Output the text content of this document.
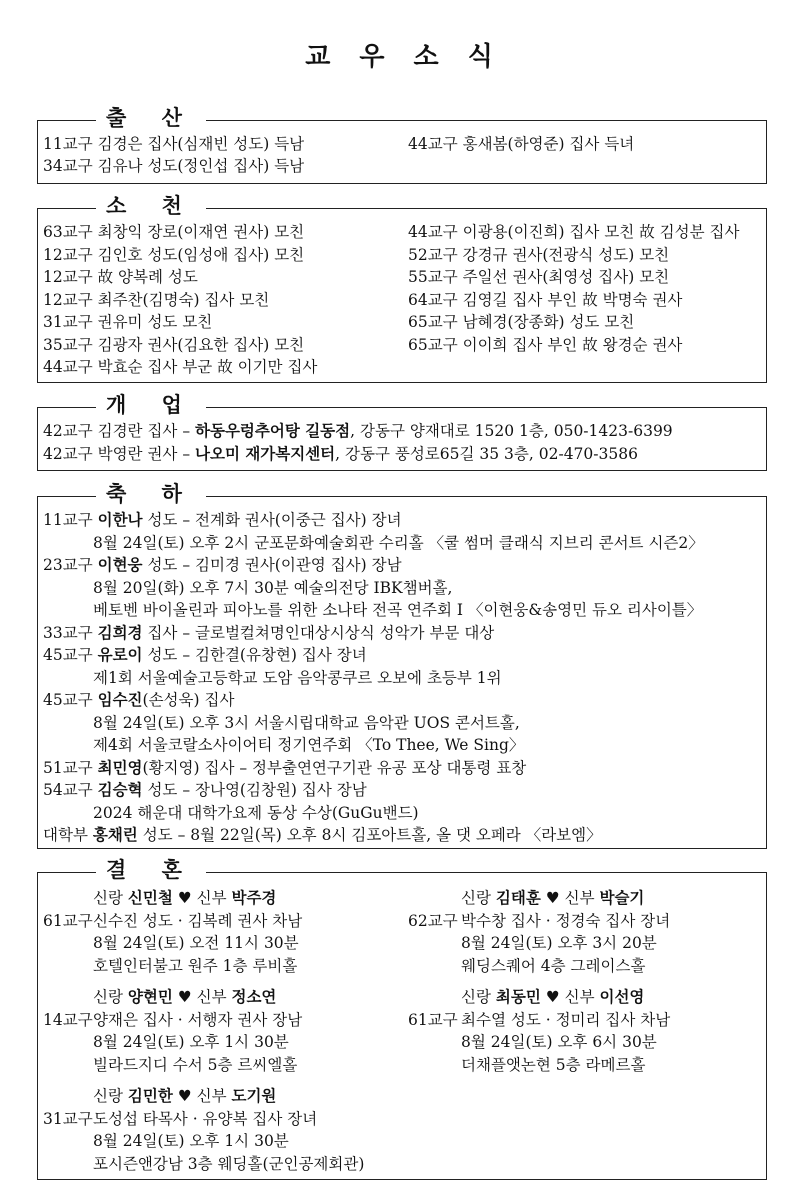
교 우 소 식
출 산
11교구 김경은 집사(심재빈 성도) 득남
34교구 김유나 성도(정인섭 집사) 득남
44교구 홍새봄(하영준) 집사 득녀
소 천
63교구 최창익 장로(이재연 권사) 모친
12교구 김인호 성도(임성애 집사) 모친
12교구 故 양복례 성도
12교구 최주찬(김명숙) 집사 모친
31교구 권유미 성도 모친
35교구 김광자 권사(김요한 집사) 모친
44교구 박효순 집사 부군 故 이기만 집사
44교구 이광용(이진희) 집사 모친 故 김성분 집사
52교구 강경규 권사(전광식 성도) 모친
55교구 주일선 권사(최영성 집사) 모친
64교구 김영길 집사 부인 故 박명숙 권사
65교구 남혜경(장종화) 성도 모친
65교구 이이희 집사 부인 故 왕경순 권사
개 업
42교구 김경란 집사 – 하동우렁추어탕 길동점, 강동구 양재대로 1520 1층, 050-1423-6399
42교구 박영란 권사 – 나오미 재가복지센터, 강동구 풍성로65길 35 3층, 02-470-3586
축 하
11교구 이한나 성도 – 전계화 권사(이중근 집사) 장녀
8월 24일(토) 오후 2시 군포문화예술회관 수리홀 〈쿨 썸머 클래식 지브리 콘서트 시즌2〉
23교구 이현웅 성도 – 김미경 권사(이관영 집사) 장남
8월 20일(화) 오후 7시 30분 예술의전당 IBK챔버홀,
베토벤 바이올린과 피아노를 위한 소나타 전곡 연주회 I 〈이현웅&송영민 듀오 리사이틀〉
33교구 김희경 집사 – 글로벌컬쳐명인대상시상식 성악가 부문 대상
45교구 유로이 성도 – 김한결(유창현) 집사 장녀
제1회 서울예술고등학교 도암 음악콩쿠르 오보에 초등부 1위
45교구 임수진(손성욱) 집사
8월 24일(토) 오후 3시 서울시립대학교 음악관 UOS 콘서트홀,
제4회 서울코랄소사이어티 정기연주회 〈To Thee, We Sing〉
51교구 최민영(황지영) 집사 – 정부출연연구기관 유공 포상 대통령 표창
54교구 김승혁 성도 – 장나영(김창원) 집사 장남
2024 해운대 대학가요제 동상 수상(GuGu밴드)
대학부 홍채린 성도 – 8월 22일(목) 오후 8시 김포아트홀, 올 댓 오페라 〈라보엠〉
결 혼
신랑 신민철 ♥ 신부 박주경
61교구 신수진 성도 · 김복례 권사 차남
8월 24일(토) 오전 11시 30분
호텔인터불고 원주 1층 루비홀
신랑 김태훈 ♥ 신부 박슬기
62교구 박수창 집사 · 정경숙 집사 장녀
8월 24일(토) 오후 3시 20분
웨딩스퀘어 4층 그레이스홀
신랑 양현민 ♥ 신부 정소연
14교구 양재은 집사 · 서행자 권사 장남
8월 24일(토) 오후 1시 30분
빌라드지디 수서 5층 르씨엘홀
신랑 최동민 ♥ 신부 이선영
61교구 최수열 성도 · 정미리 집사 차남
8월 24일(토) 오후 6시 30분
더채플앳논현 5층 라메르홀
신랑 김민한 ♥ 신부 도기원
31교구 도성섭 타목사 · 유양복 집사 장녀
8월 24일(토) 오후 1시 30분
포시즌앤강남 3층 웨딩홀(군인공제회관)
